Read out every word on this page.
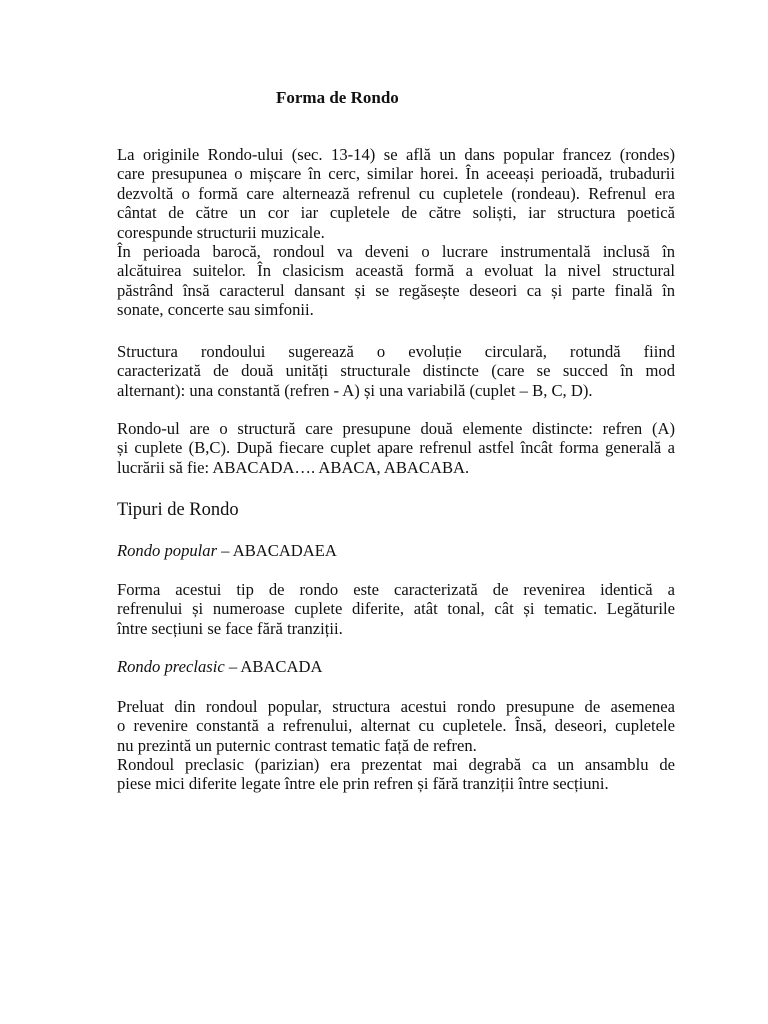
Forma de Rondo
La originile Rondo-ului (sec. 13-14) se află un dans popular francez (rondes)
care presupunea o mișcare în cerc, similar horei. În aceeași perioadă, trubadurii
dezvoltă o formă care alternează refrenul cu cupletele (rondeau). Refrenul era
cântat de către un cor iar cupletele de către soliști, iar structura poetică
corespunde structurii muzicale.
În perioada barocă, rondoul va deveni o lucrare instrumentală inclusă în
alcătuirea suitelor. În clasicism această formă a evoluat la nivel structural
păstrând însă caracterul dansant și se regăsește deseori ca și parte finală în
sonate, concerte sau simfonii.
Structura rondoului sugerează o evoluție circulară, rotundă fiind
caracterizată de două unități structurale distincte (care se succed în mod
alternant): una constantă (refren - A) și una variabilă (cuplet – B, C, D).
Rondo-ul are o structură care presupune două elemente distincte: refren (A)
și cuplete (B,C). După fiecare cuplet apare refrenul astfel încât forma generală a
lucrării să fie: ABACADA…. ABACA, ABACABA.
Tipuri de Rondo

Rondo popular – ABACADAEA

Forma acestui tip de rondo este caracterizată de revenirea identică a
refrenului și numeroase cuplete diferite, atât tonal, cât și tematic. Legăturile
între secțiuni se face fără tranziții.

Rondo preclasic – ABACADA

Preluat din rondoul popular, structura acestui rondo presupune de asemenea
o revenire constantă a refrenului, alternat cu cupletele. Însă, deseori, cupletele
nu prezintă un puternic contrast tematic față de refren.
Rondoul preclasic (parizian) era prezentat mai degrabă ca un ansamblu de
piese mici diferite legate între ele prin refren și fără tranziții între secțiuni.
